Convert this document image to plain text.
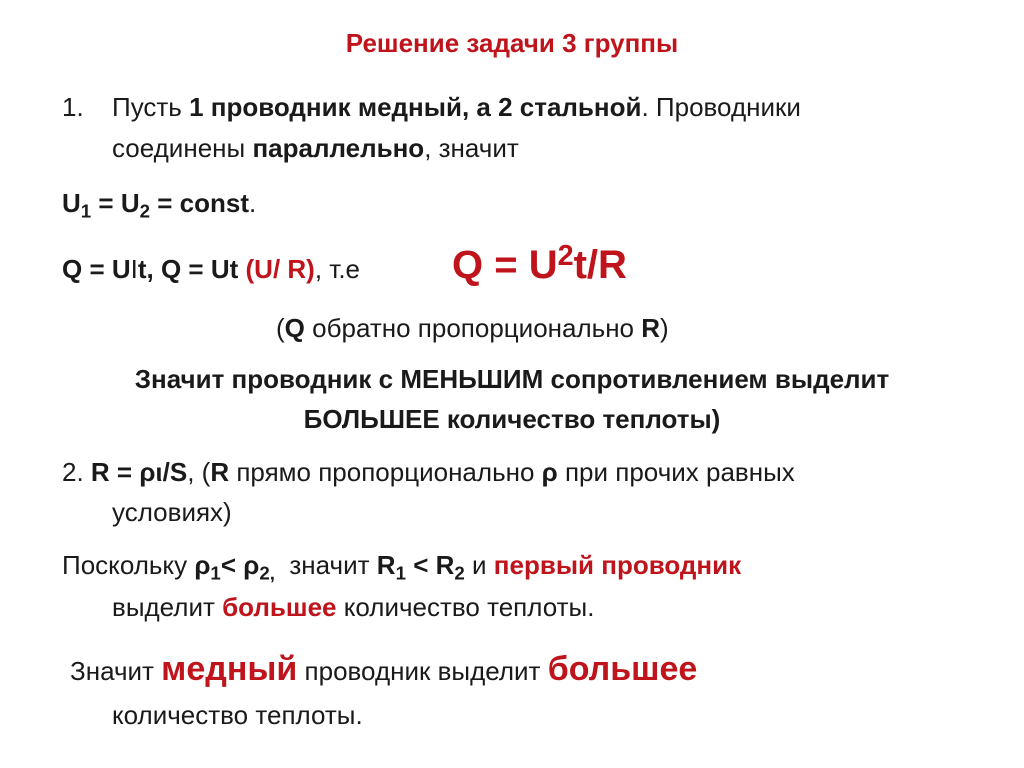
Решение задачи 3 группы
1. Пусть 1 проводник медный, а 2 стальной. Проводники
соединены параллельно, значит
$U_1 = U_2$ = const.
Q = UIt, Q = Ut (U/ R), т.е $Q = U^2t/R$
(Q обратно пропорционально R)
Значит проводник с МЕНЬШИМ сопротивлением выделит
БОЛЬШЕЕ количество теплоты)
2. R = ρι/S, (R прямо пропорционально ρ при прочих равных
условиях)
Поскольку $\rho_1< \rho_{2,}$ значит $R_1 < R_2$ и первый проводник
выделит большее количество теплоты.
Значит медный проводник выделит большее
количество теплоты.
